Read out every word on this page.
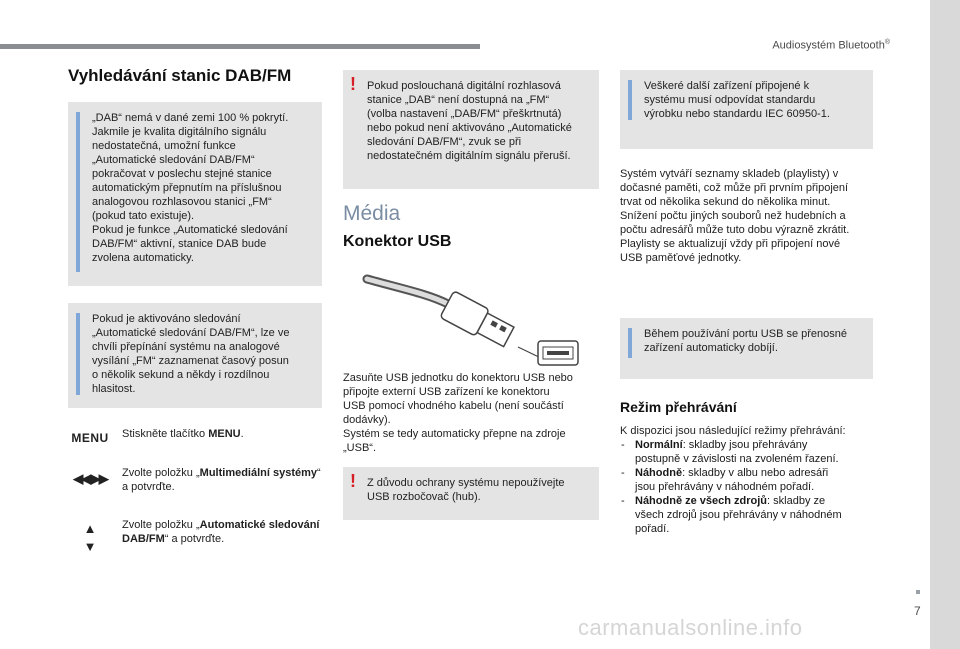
Audiosystém Bluetooth®
Vyhledávání stanic DAB/FM
„DAB“ nemá v dané zemi 100 % pokrytí.
Jakmile je kvalita digitálního signálu
nedostatečná, umožní funkce
„Automatické sledování DAB/FM“
pokračovat v poslechu stejné stanice
automatickým přepnutím na příslušnou
analogovou rozhlasovou stanici „FM“
(pokud tato existuje).
Pokud je funkce „Automatické sledování
DAB/FM“ aktivní, stanice DAB bude
zvolena automaticky.
Pokud je aktivováno sledování
„Automatické sledování DAB/FM“, lze ve
chvíli přepínání systému na analogové
vysílání „FM“ zaznamenat časový posun
o několik sekund a někdy i rozdílnou
hlasitost.
MENU	Stiskněte tlačítko MENU.
◀◀ ▶▶	Zvolte položku „Multimediální systémy“ a potvrďte.
▲
▼
Zvolte položku „Automatické sledování DAB/FM“ a potvrďte.
! Pokud poslouchaná digitální rozhlasová
stanice „DAB“ není dostupná na „FM“
(volba nastavení „DAB/FM“ přeškrtnutá)
nebo pokud není aktivováno „Automatické
sledování DAB/FM“, zvuk se při
nedostatečném digitálním signálu přeruší.
Média
Konektor USB
Zasuňte USB jednotku do konektoru USB nebo
připojte externí USB zařízení ke konektoru
USB pomocí vhodného kabelu (není součástí
dodávky).
Systém se tedy automaticky přepne na zdroje
„USB“.
! Z důvodu ochrany systému nepoužívejte
USB rozbočovač (hub).
Veškeré další zařízení připojené k
systému musí odpovídat standardu
výrobku nebo standardu IEC 60950-1.
Systém vytváří seznamy skladeb (playlisty) v
dočasné paměti, což může při prvním připojení
trvat od několika sekund do několika minut.
Snížení počtu jiných souborů než hudebních a
počtu adresářů může tuto dobu výrazně zkrátit.
Playlisty se aktualizují vždy při připojení nové
USB paměťové jednotky.
Během používání portu USB se přenosné
zařízení automaticky dobíjí.
Režim přehrávání
K dispozici jsou následující režimy přehrávání:
- Normální: skladby jsou přehrávány
postupně v závislosti na zvoleném řazení.
- Náhodně: skladby v albu nebo adresáři
jsou přehrávány v náhodném pořadí.
- Náhodně ze všech zdrojů: skladby ze
všech zdrojů jsou přehrávány v náhodném pořadí.
7
carmanualsonline.info
